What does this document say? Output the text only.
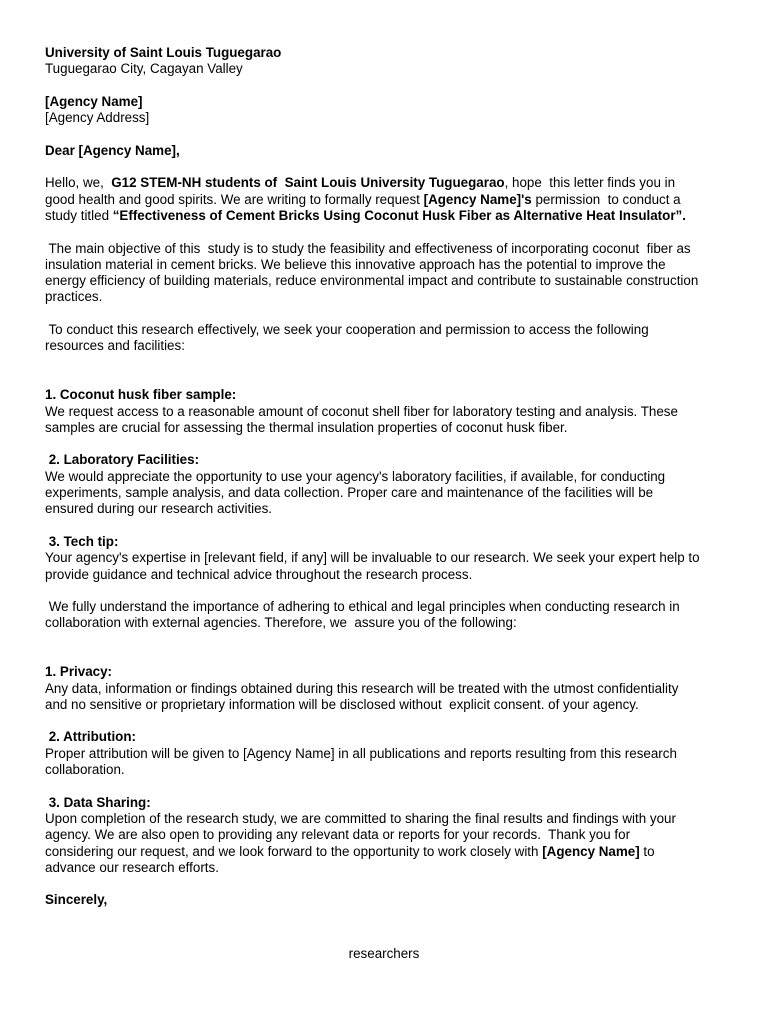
University of Saint Louis Tuguegarao
Tuguegarao City, Cagayan Valley
[Agency Name]
[Agency Address]
Dear [Agency Name],
Hello, we,  G12 STEM-NH students of  Saint Louis University Tuguegarao, hope  this letter finds you in
good health and good spirits. We are writing to formally request [Agency Name]'s permission  to conduct a
study titled “Effectiveness of Cement Bricks Using Coconut Husk Fiber as Alternative Heat Insulator”.
The main objective of this  study is to study the feasibility and effectiveness of incorporating coconut  fiber as
insulation material in cement bricks. We believe this innovative approach has the potential to improve the
energy efficiency of building materials, reduce environmental impact and contribute to sustainable construction
practices.
To conduct this research effectively, we seek your cooperation and permission to access the following
resources and facilities:
1. Coconut husk fiber sample:
We request access to a reasonable amount of coconut shell fiber for laboratory testing and analysis. These
samples are crucial for assessing the thermal insulation properties of coconut husk fiber.
2. Laboratory Facilities:
We would appreciate the opportunity to use your agency's laboratory facilities, if available, for conducting
experiments, sample analysis, and data collection. Proper care and maintenance of the facilities will be
ensured during our research activities.
3. Tech tip:
Your agency's expertise in [relevant field, if any] will be invaluable to our research. We seek your expert help to
provide guidance and technical advice throughout the research process.
We fully understand the importance of adhering to ethical and legal principles when conducting research in
collaboration with external agencies. Therefore, we  assure you of the following:
1. Privacy:
Any data, information or findings obtained during this research will be treated with the utmost confidentiality
and no sensitive or proprietary information will be disclosed without  explicit consent. of your agency.
2. Attribution:
Proper attribution will be given to [Agency Name] in all publications and reports resulting from this research
collaboration.
3. Data Sharing:
Upon completion of the research study, we are committed to sharing the final results and findings with your
agency. We are also open to providing any relevant data or reports for your records.  Thank you for
considering our request, and we look forward to the opportunity to work closely with [Agency Name] to
advance our research efforts.
Sincerely,
researchers
